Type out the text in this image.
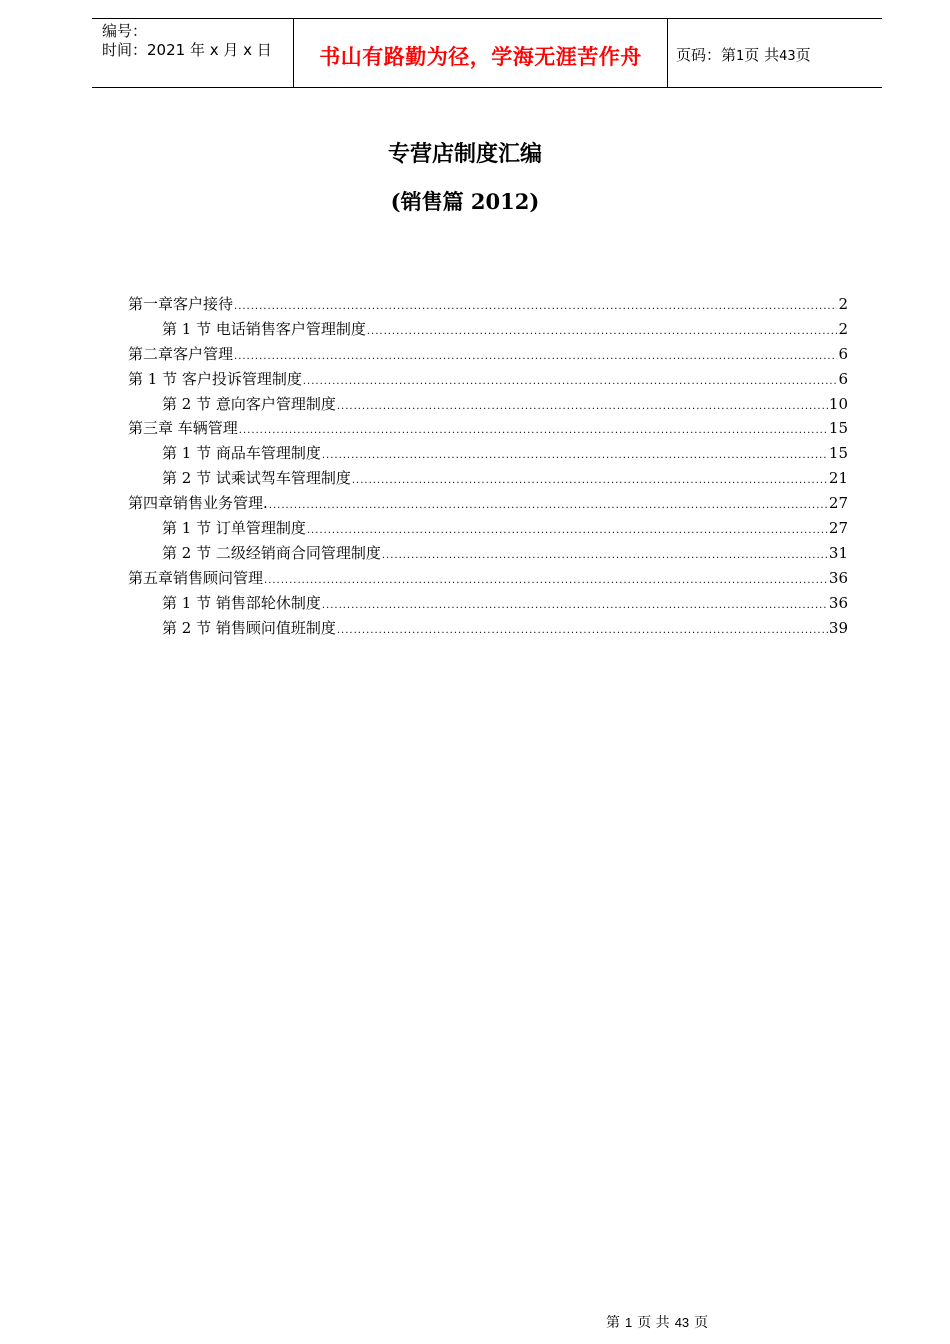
编号：
时间：2021 年 x 月 x 日	书山有路勤为径，学海无涯苦作舟	页码：第1页 共43页
专营店制度汇编
(销售篇 2012)
第一章客户接待 .....	2
第 1 节 电话销售客户管理制度 .....	2
第二章客户管理 .....	6
第 1 节 客户投诉管理制度 .....	6
第 2 节 意向客户管理制度 .....	10
第三章 车辆管理 .....	15
第 1 节 商品车管理制度 .....	15
第 2 节 试乘试驾车管理制度 .....	21
第四章销售业务管理. .....	27
第 1 节 订单管理制度 .....	27
第 2 节 二级经销商合同管理制度 .....	31
第五章销售顾问管理 .....	36
第 1 节 销售部轮休制度 .....	36
第 2 节 销售顾问值班制度 .....	39
第 1 页 共 43 页
